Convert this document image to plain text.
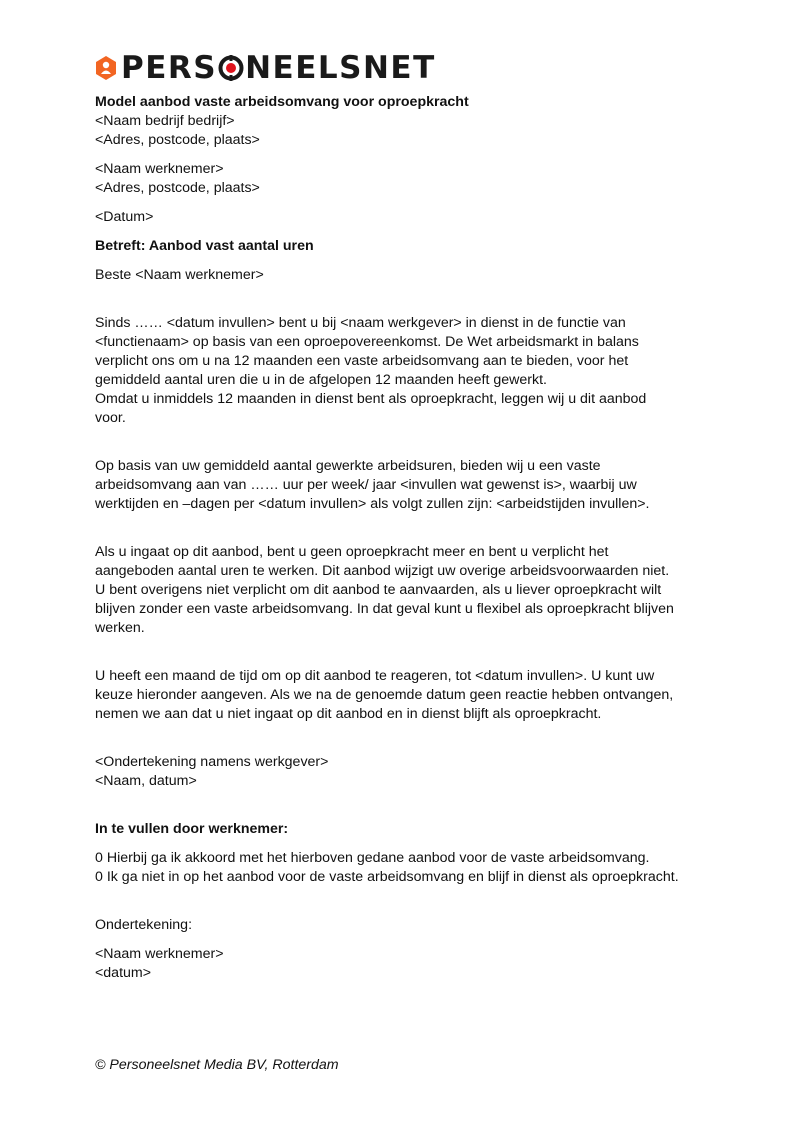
PERS NEELSNET

Model aanbod vaste arbeidsomvang voor oproepkracht

<Naam bedrijf bedrijf>

<Adres, postcode, plaats>

<Naam werknemer>

<Adres, postcode, plaats>

<Datum>

Betreft: Aanbod vast aantal uren

Beste <Naam werknemer>

Sinds …… <datum invullen> bent u bij <naam werkgever> in dienst in de functie van

<functienaam> op basis van een oproepovereenkomst. De Wet arbeidsmarkt in balans

verplicht ons om u na 12 maanden een vaste arbeidsomvang aan te bieden, voor het

gemiddeld aantal uren die u in de afgelopen 12 maanden heeft gewerkt.

Omdat u inmiddels 12 maanden in dienst bent als oproepkracht, leggen wij u dit aanbod

voor.

Op basis van uw gemiddeld aantal gewerkte arbeidsuren, bieden wij u een vaste

arbeidsomvang aan van …… uur per week/ jaar <invullen wat gewenst is>, waarbij uw

werktijden en –dagen per <datum invullen> als volgt zullen zijn: <arbeidstijden invullen>.

Als u ingaat op dit aanbod, bent u geen oproepkracht meer en bent u verplicht het

aangeboden aantal uren te werken. Dit aanbod wijzigt uw overige arbeidsvoorwaarden niet.

U bent overigens niet verplicht om dit aanbod te aanvaarden, als u liever oproepkracht wilt

blijven zonder een vaste arbeidsomvang. In dat geval kunt u flexibel als oproepkracht blijven

werken.

U heeft een maand de tijd om op dit aanbod te reageren, tot <datum invullen>. U kunt uw

keuze hieronder aangeven. Als we na de genoemde datum geen reactie hebben ontvangen,

nemen we aan dat u niet ingaat op dit aanbod en in dienst blijft als oproepkracht.

<Ondertekening namens werkgever>

<Naam, datum>

In te vullen door werknemer:

0 Hierbij ga ik akkoord met het hierboven gedane aanbod voor de vaste arbeidsomvang.

0 Ik ga niet in op het aanbod voor de vaste arbeidsomvang en blijf in dienst als oproepkracht.

Ondertekening:

<Naam werknemer>

<datum>

© Personeelsnet Media BV, Rotterdam
